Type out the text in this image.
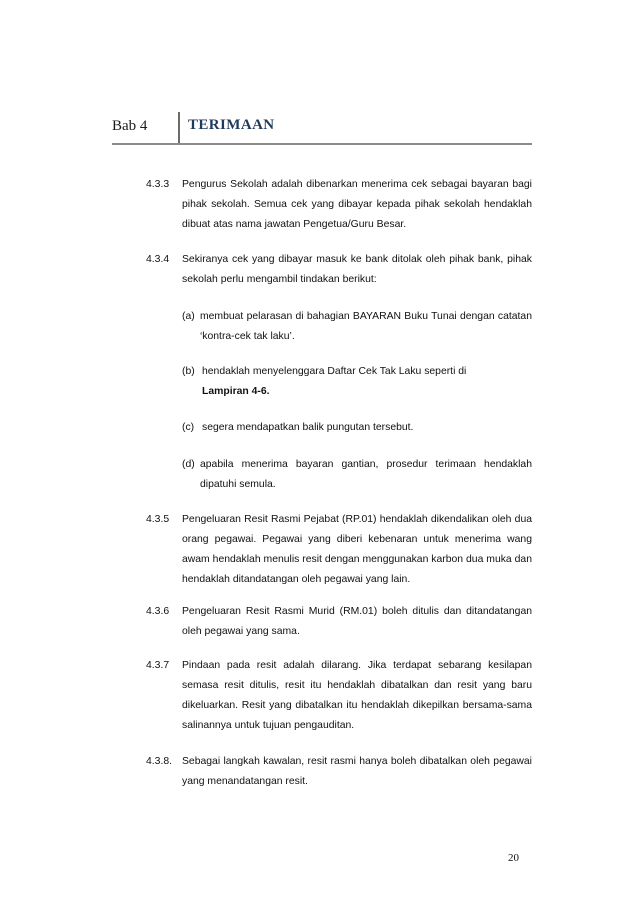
Bab 4	TERIMAAN
4.3.3 Pengurus Sekolah adalah dibenarkan menerima cek sebagai bayaran bagi pihak sekolah. Semua cek yang dibayar kepada pihak sekolah hendaklah dibuat atas nama jawatan Pengetua/Guru Besar.
4.3.4 Sekiranya cek yang dibayar masuk ke bank ditolak oleh pihak bank, pihak sekolah perlu mengambil tindakan berikut:
(a) membuat pelarasan di bahagian BAYARAN Buku Tunai dengan catatan ‘kontra-cek tak laku’.
(b) hendaklah menyelenggara Daftar Cek Tak Laku seperti di
Lampiran 4-6.
(c) segera mendapatkan balik pungutan tersebut.
(d) apabila menerima bayaran gantian, prosedur terimaan hendaklah dipatuhi semula.
4.3.5 Pengeluaran Resit Rasmi Pejabat (RP.01) hendaklah dikendalikan oleh dua orang pegawai. Pegawai yang diberi kebenaran untuk menerima wang awam hendaklah menulis resit dengan menggunakan karbon dua muka dan hendaklah ditandatangan oleh pegawai yang lain.
4.3.6 Pengeluaran Resit Rasmi Murid (RM.01) boleh ditulis dan ditandatangan oleh pegawai yang sama.
4.3.7 Pindaan pada resit adalah dilarang. Jika terdapat sebarang kesilapan semasa resit ditulis, resit itu hendaklah dibatalkan dan resit yang baru dikeluarkan. Resit yang dibatalkan itu hendaklah dikepilkan bersama-sama salinannya untuk tujuan pengauditan.
4.3.8. Sebagai langkah kawalan, resit rasmi hanya boleh dibatalkan oleh pegawai yang menandatangan resit.
20
